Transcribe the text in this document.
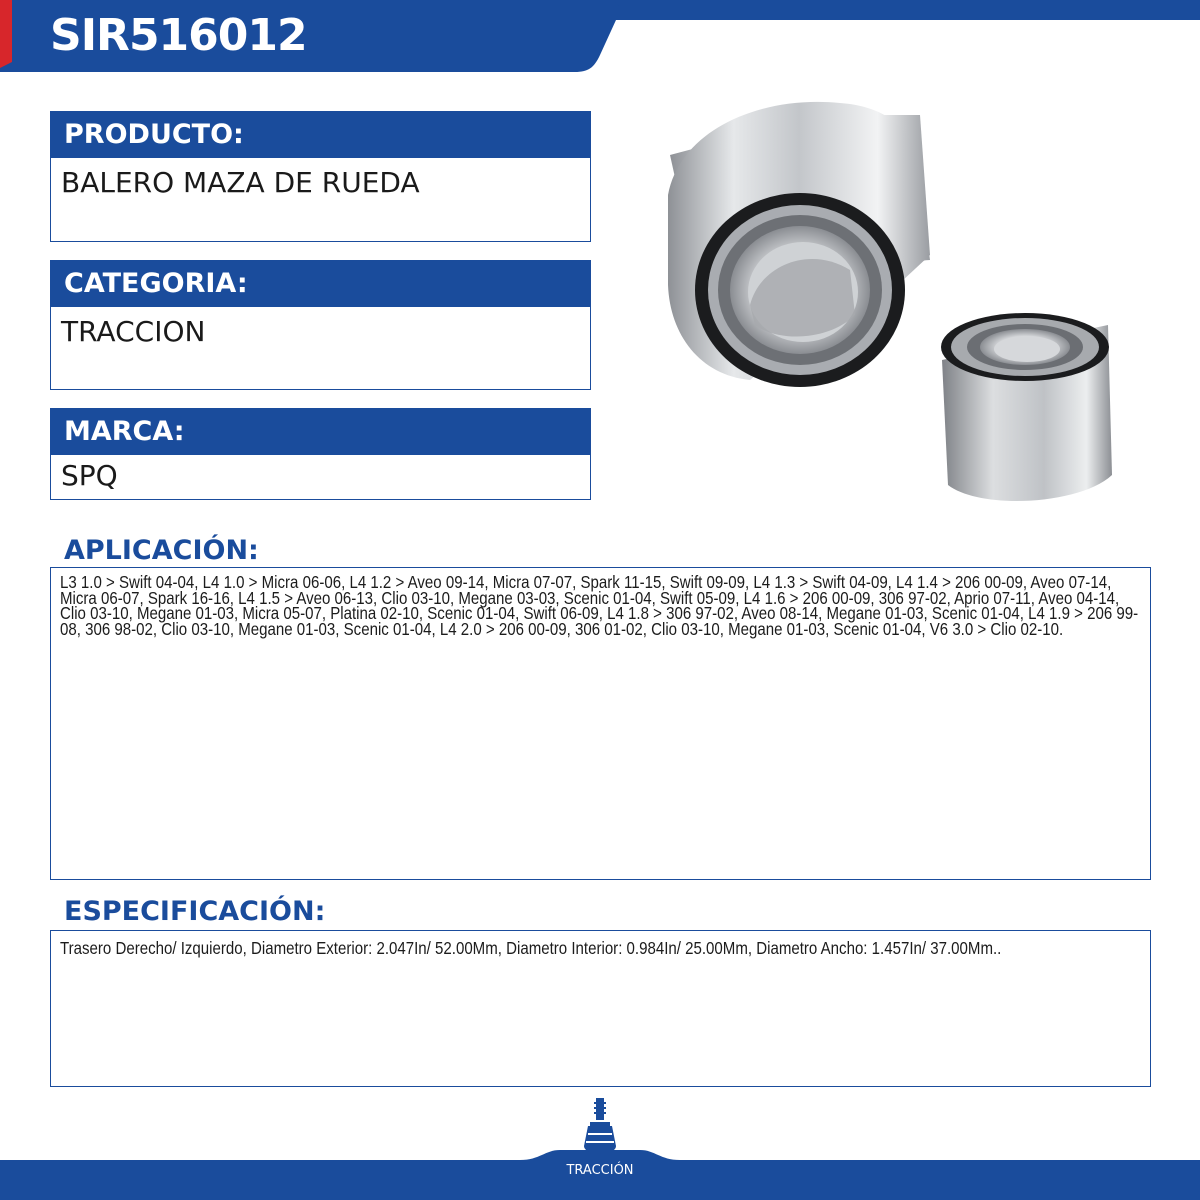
SIR516012
PRODUCTO:
BALERO MAZA DE RUEDA
CATEGORIA:
TRACCION
MARCA:
SPQ
APLICACIÓN:
L3 1.0 > Swift 04-04, L4 1.0 > Micra 06-06, L4 1.2 > Aveo 09-14, Micra 07-07, Spark 11-15, Swift 09-09, L4 1.3 > Swift 04-09, L4 1.4 > 206 00-09, Aveo 07-14, Micra 06-07, Spark 16-16, L4 1.5 > Aveo 06-13, Clio 03-10, Megane 03-03, Scenic 01-04, Swift 05-09, L4 1.6 > 206 00-09, 306 97-02, Aprio 07-11, Aveo 04-14, Clio 03-10, Megane 01-03, Micra 05-07, Platina 02-10, Scenic 01-04, Swift 06-09, L4 1.8 > 306 97-02, Aveo 08-14, Megane 01-03, Scenic 01-04, L4 1.9 > 206 99-08, 306 98-02, Clio 03-10, Megane 01-03, Scenic 01-04, L4 2.0 > 206 00-09, 306 01-02, Clio 03-10, Megane 01-03, Scenic 01-04, V6 3.0 > Clio 02-10.
ESPECIFICACIÓN:
Trasero Derecho/ Izquierdo, Diametro Exterior: 2.047In/ 52.00Mm, Diametro Interior: 0.984In/ 25.00Mm, Diametro Ancho: 1.457In/ 37.00Mm..
TRACCIÓN
